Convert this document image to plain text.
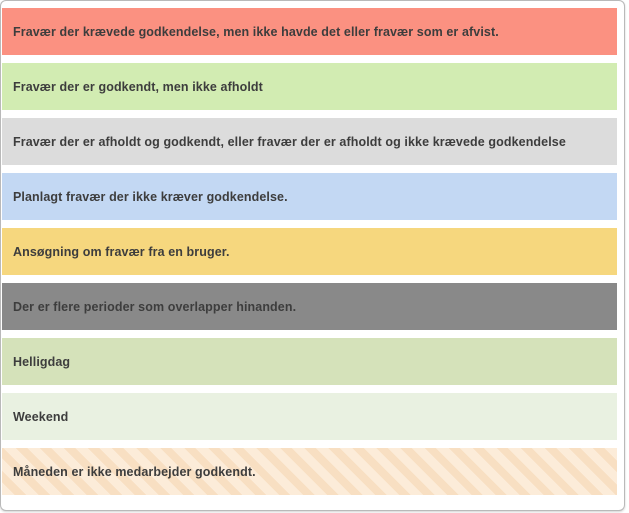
Fravær der krævede godkendelse, men ikke havde det eller fravær som er afvist.
Fravær der er godkendt, men ikke afholdt
Fravær der er afholdt og godkendt, eller fravær der er afholdt og ikke krævede godkendelse
Planlagt fravær der ikke kræver godkendelse.
Ansøgning om fravær fra en bruger.
Der er flere perioder som overlapper hinanden.
Helligdag
Weekend
Måneden er ikke medarbejder godkendt.
